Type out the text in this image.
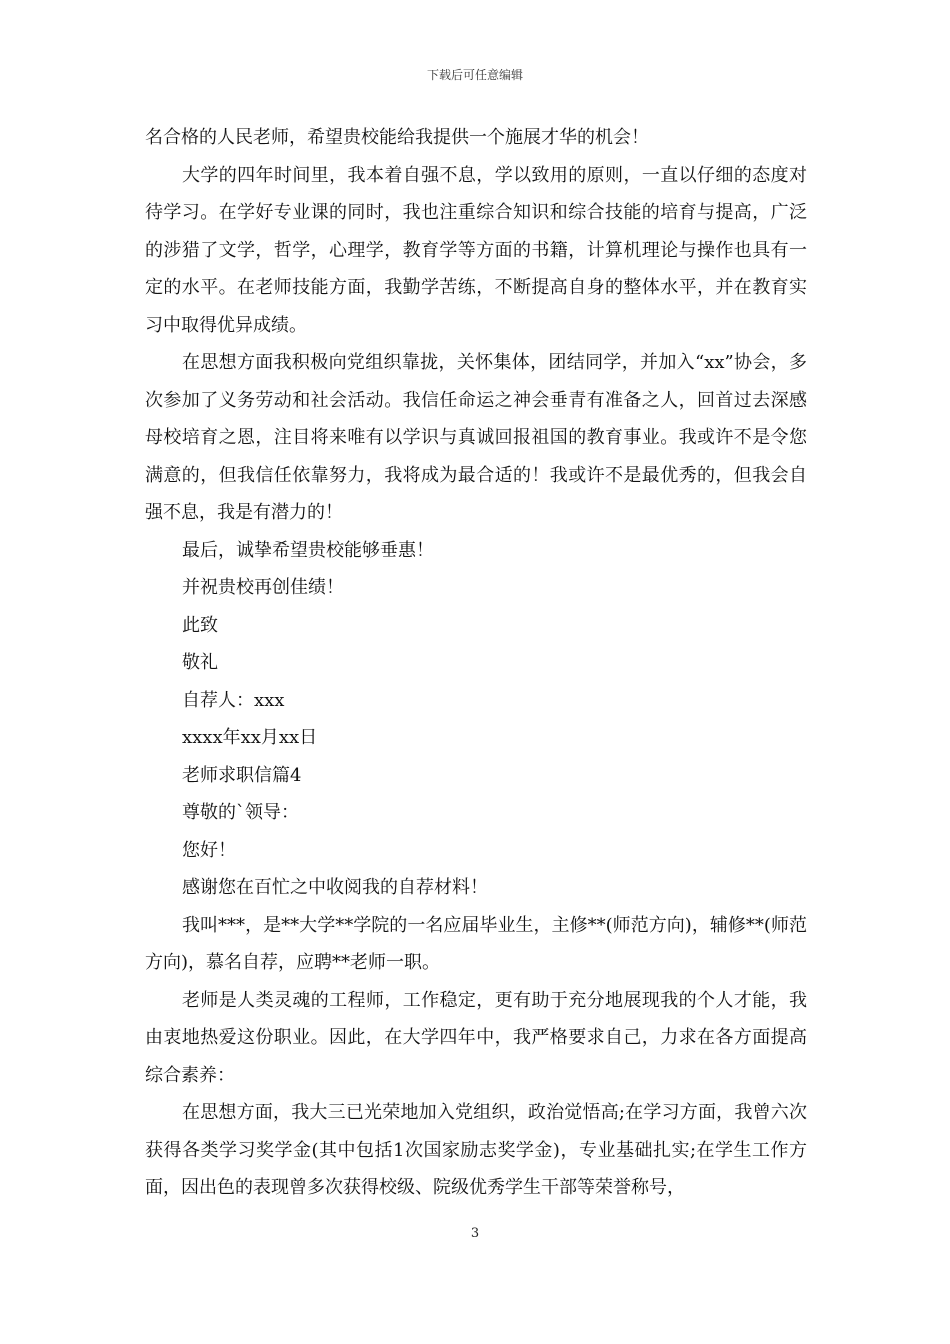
下载后可任意编辑

名合格的人民老师，希望贵校能给我提供一个施展才华的机会！

大学的四年时间里，我本着自强不息，学以致用的原则，一直以仔细的态度对待学习。在学好专业课的同时，我也注重综合知识和综合技能的培育与提高，广泛的涉猎了文学，哲学，心理学，教育学等方面的书籍，计算机理论与操作也具有一定的水平。在老师技能方面，我勤学苦练，不断提高自身的整体水平，并在教育实习中取得优异成绩。

在思想方面我积极向党组织靠拢，关怀集体，团结同学，并加入“xx”协会，多次参加了义务劳动和社会活动。我信任命运之神会垂青有准备之人，回首过去深感母校培育之恩，注目将来唯有以学识与真诚回报祖国的教育事业。我或许不是令您满意的，但我信任依靠努力，我将成为最合适的！我或许不是最优秀的，但我会自强不息，我是有潜力的！

最后，诚挚希望贵校能够垂惠！

并祝贵校再创佳绩！

此致

敬礼

自荐人：xxx

xxxx年xx月xx日

老师求职信篇4

尊敬的`领导：

您好！

感谢您在百忙之中收阅我的自荐材料！

我叫***，是**大学**学院的一名应届毕业生，主修**(师范方向)，辅修**(师范方向)，慕名自荐，应聘**老师一职。

老师是人类灵魂的工程师，工作稳定，更有助于充分地展现我的个人才能，我由衷地热爱这份职业。因此，在大学四年中，我严格要求自己，力求在各方面提高综合素养：

在思想方面，我大三已光荣地加入党组织，政治觉悟高;在学习方面，我曾六次获得各类学习奖学金(其中包括1次国家励志奖学金)，专业基础扎实;在学生工作方面，因出色的表现曾多次获得校级、院级优秀学生干部等荣誉称号，

3
